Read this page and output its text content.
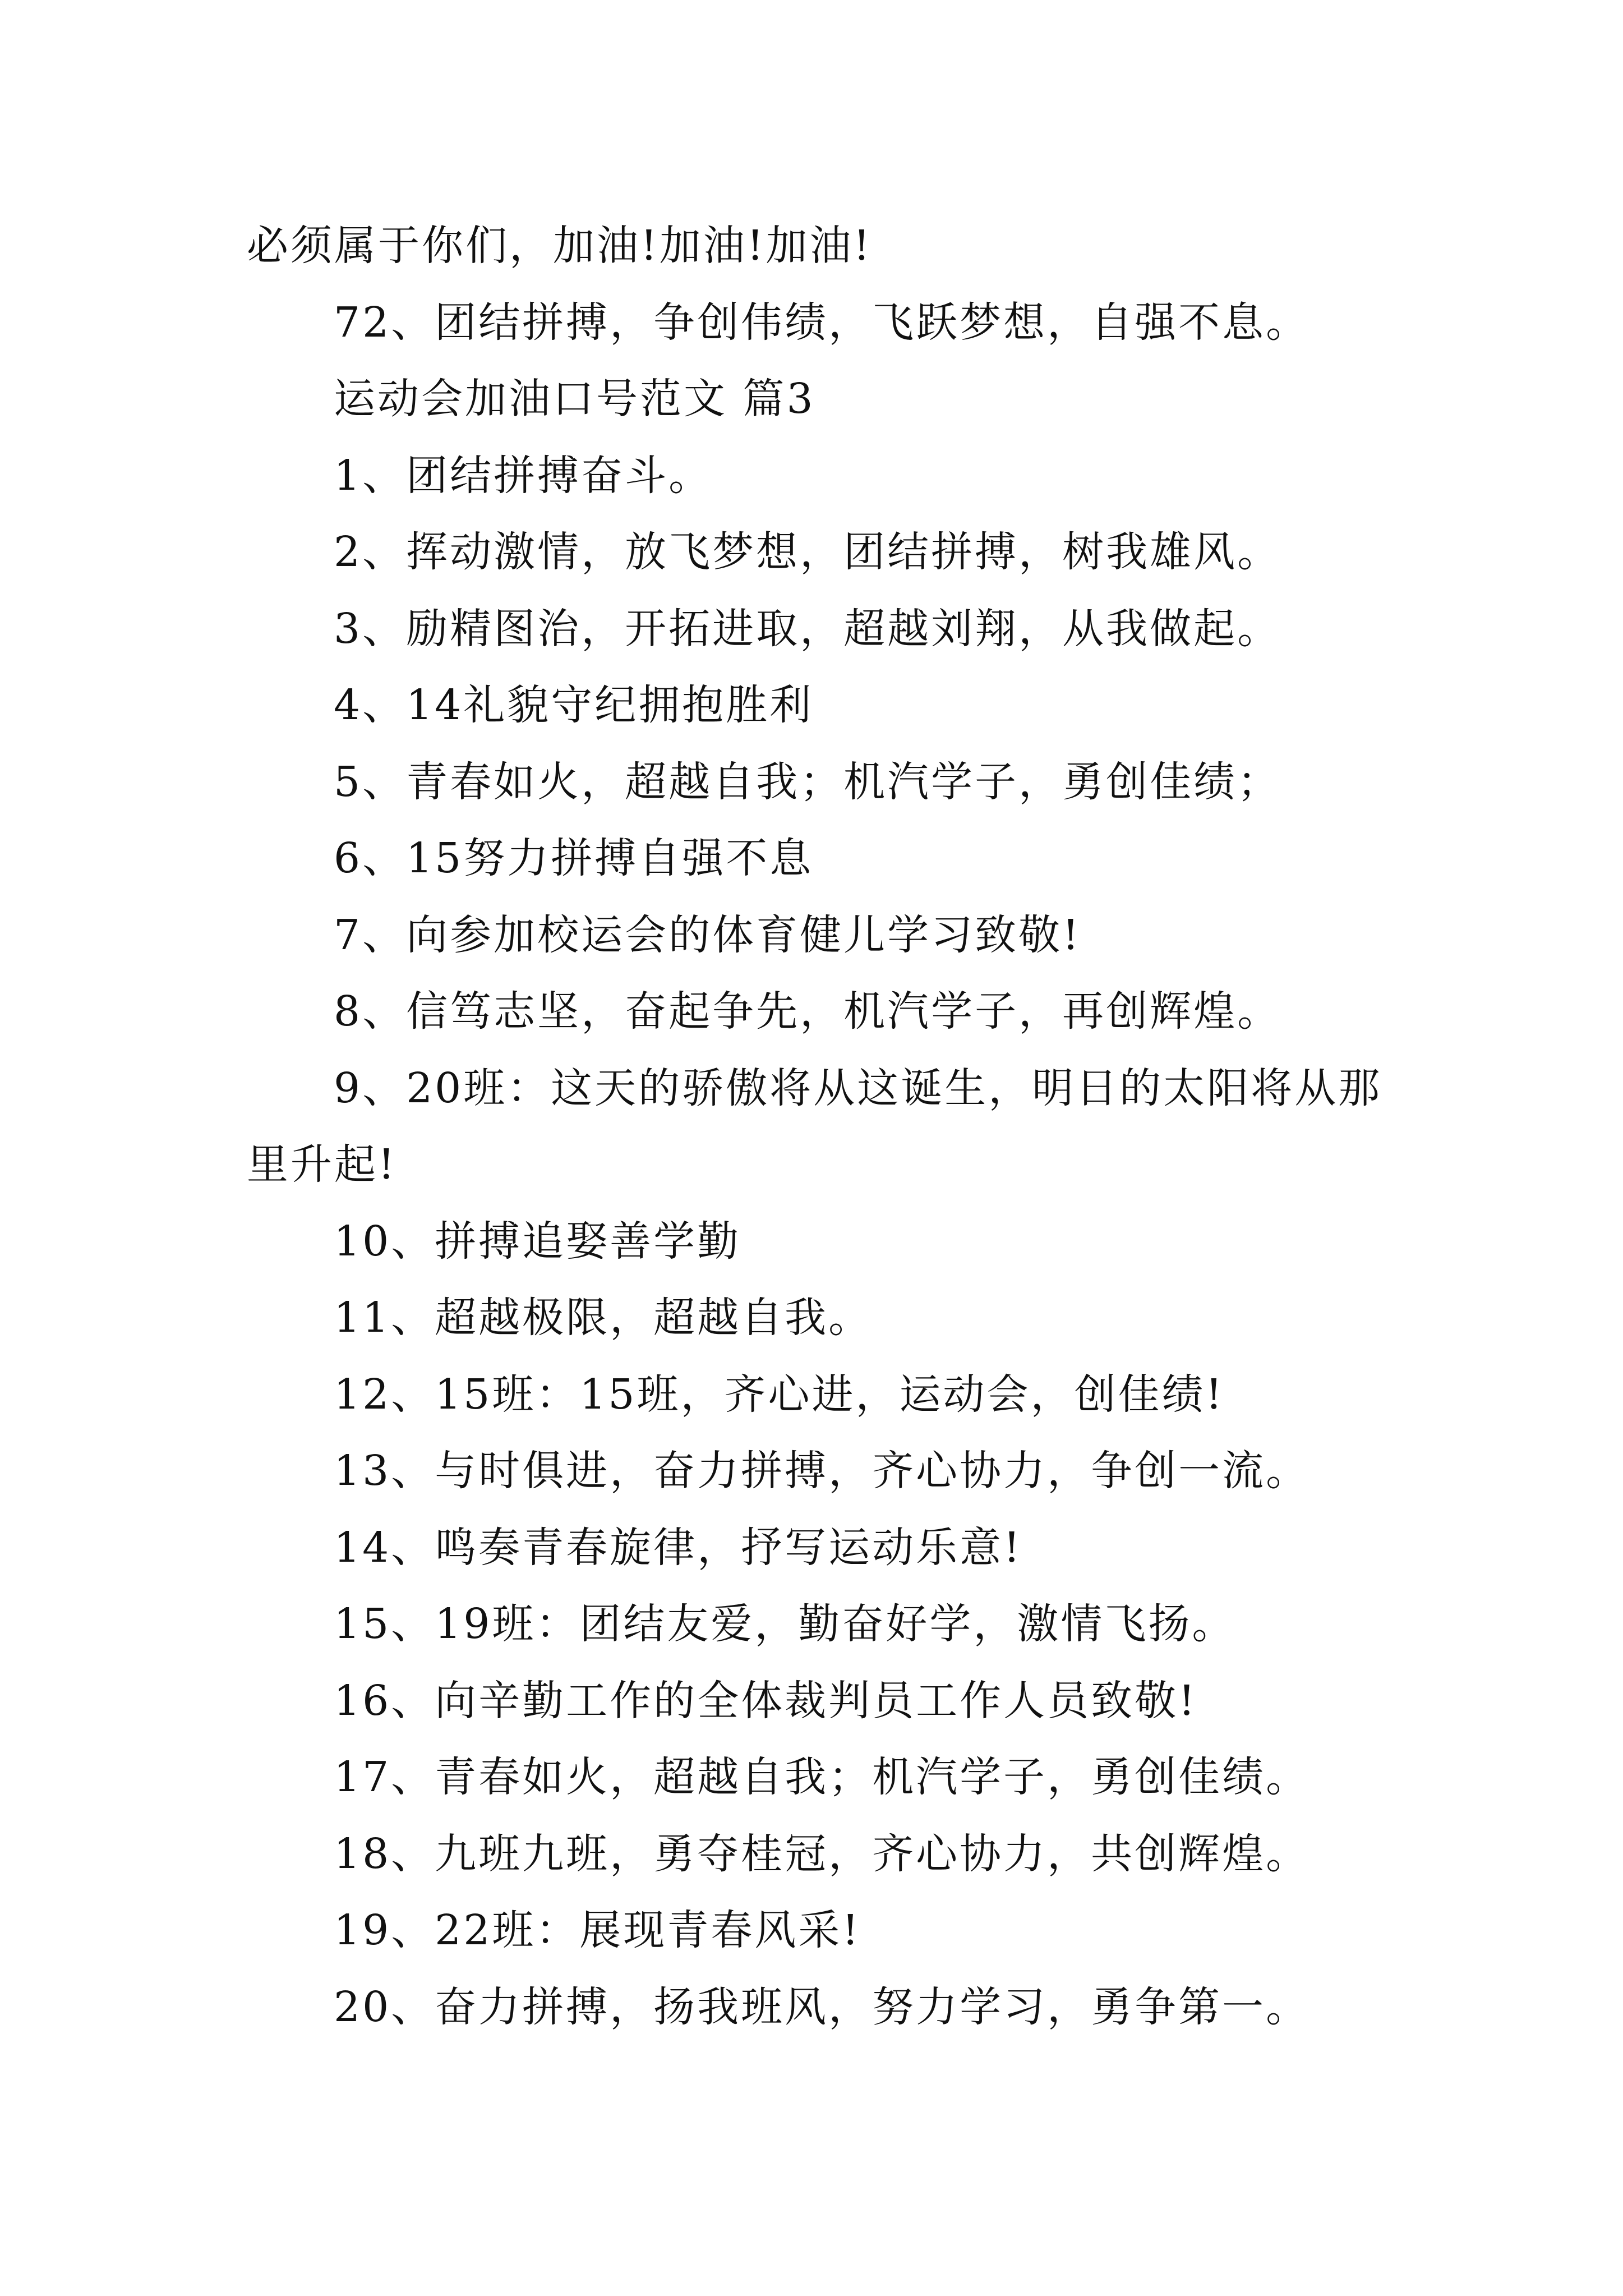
必须属于你们，加油!加油!加油!
72、团结拼搏，争创伟绩，飞跃梦想，自强不息。
运动会加油口号范文 篇3
1、团结拼搏奋斗。
2、挥动激情，放飞梦想，团结拼搏，树我雄风。
3、励精图治，开拓进取，超越刘翔，从我做起。
4、14礼貌守纪拥抱胜利
5、青春如火，超越自我；机汽学子，勇创佳绩；
6、15努力拼搏自强不息
7、向参加校运会的体育健儿学习致敬!
8、信笃志坚，奋起争先，机汽学子，再创辉煌。
9、20班：这天的骄傲将从这诞生，明日的太阳将从那
里升起!
10、拼搏追娶善学勤
11、超越极限，超越自我。
12、15班：15班，齐心进，运动会，创佳绩!
13、与时俱进，奋力拼搏，齐心协力，争创一流。
14、鸣奏青春旋律，抒写运动乐意!
15、19班：团结友爱，勤奋好学，激情飞扬。
16、向辛勤工作的全体裁判员工作人员致敬!
17、青春如火，超越自我；机汽学子，勇创佳绩。
18、九班九班，勇夺桂冠，齐心协力，共创辉煌。
19、22班：展现青春风采!
20、奋力拼搏，扬我班风，努力学习，勇争第一。
